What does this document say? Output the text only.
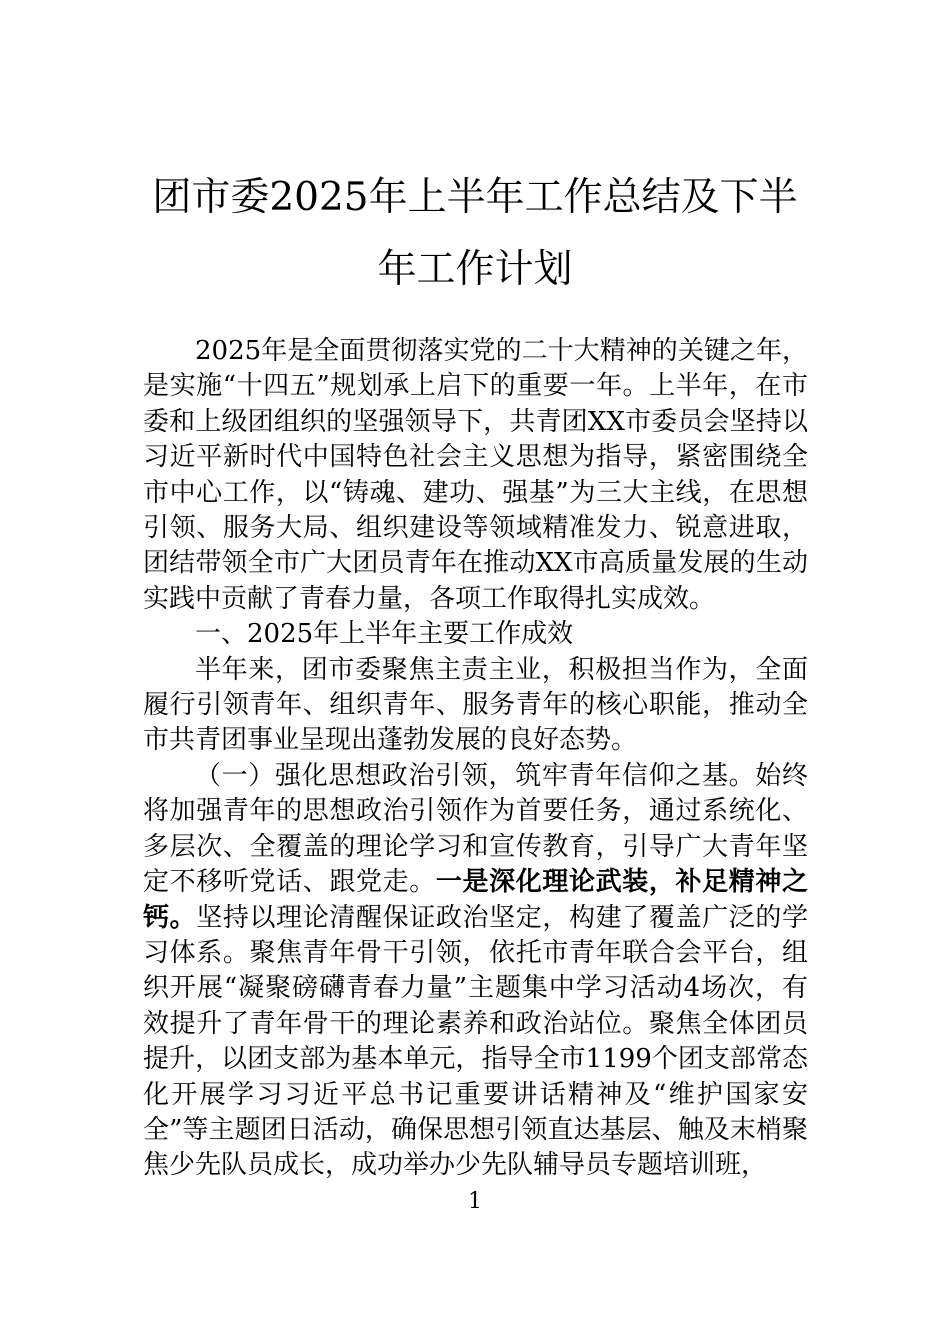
团市委2025年上半年工作总结及下半年工作计划

2025年是全面贯彻落实党的二十大精神的关键之年，是实施“十四五”规划承上启下的重要一年。上半年，在市委和上级团组织的坚强领导下，共青团XX市委员会坚持以习近平新时代中国特色社会主义思想为指导，紧密围绕全市中心工作，以“铸魂、建功、强基”为三大主线，在思想引领、服务大局、组织建设等领域精准发力、锐意进取，团结带领全市广大团员青年在推动XX市高质量发展的生动实践中贡献了青春力量，各项工作取得扎实成效。

一、2025年上半年主要工作成效

半年来，团市委聚焦主责主业，积极担当作为，全面履行引领青年、组织青年、服务青年的核心职能，推动全市共青团事业呈现出蓬勃发展的良好态势。

（一）强化思想政治引领，筑牢青年信仰之基。始终将加强青年的思想政治引领作为首要任务，通过系统化、多层次、全覆盖的理论学习和宣传教育，引导广大青年坚定不移听党话、跟党走。一是深化理论武装，补足精神之钙。坚持以理论清醒保证政治坚定，构建了覆盖广泛的学习体系。聚焦青年骨干引领，依托市青年联合会平台，组织开展“凝聚磅礴青春力量”主题集中学习活动4场次，有效提升了青年骨干的理论素养和政治站位。聚焦全体团员提升，以团支部为基本单元，指导全市1199个团支部常态化开展学习习近平总书记重要讲话精神及“维护国家安全”等主题团日活动，确保思想引领直达基层、触及末梢聚焦少先队员成长，成功举办少先队辅导员专题培训班，

1
